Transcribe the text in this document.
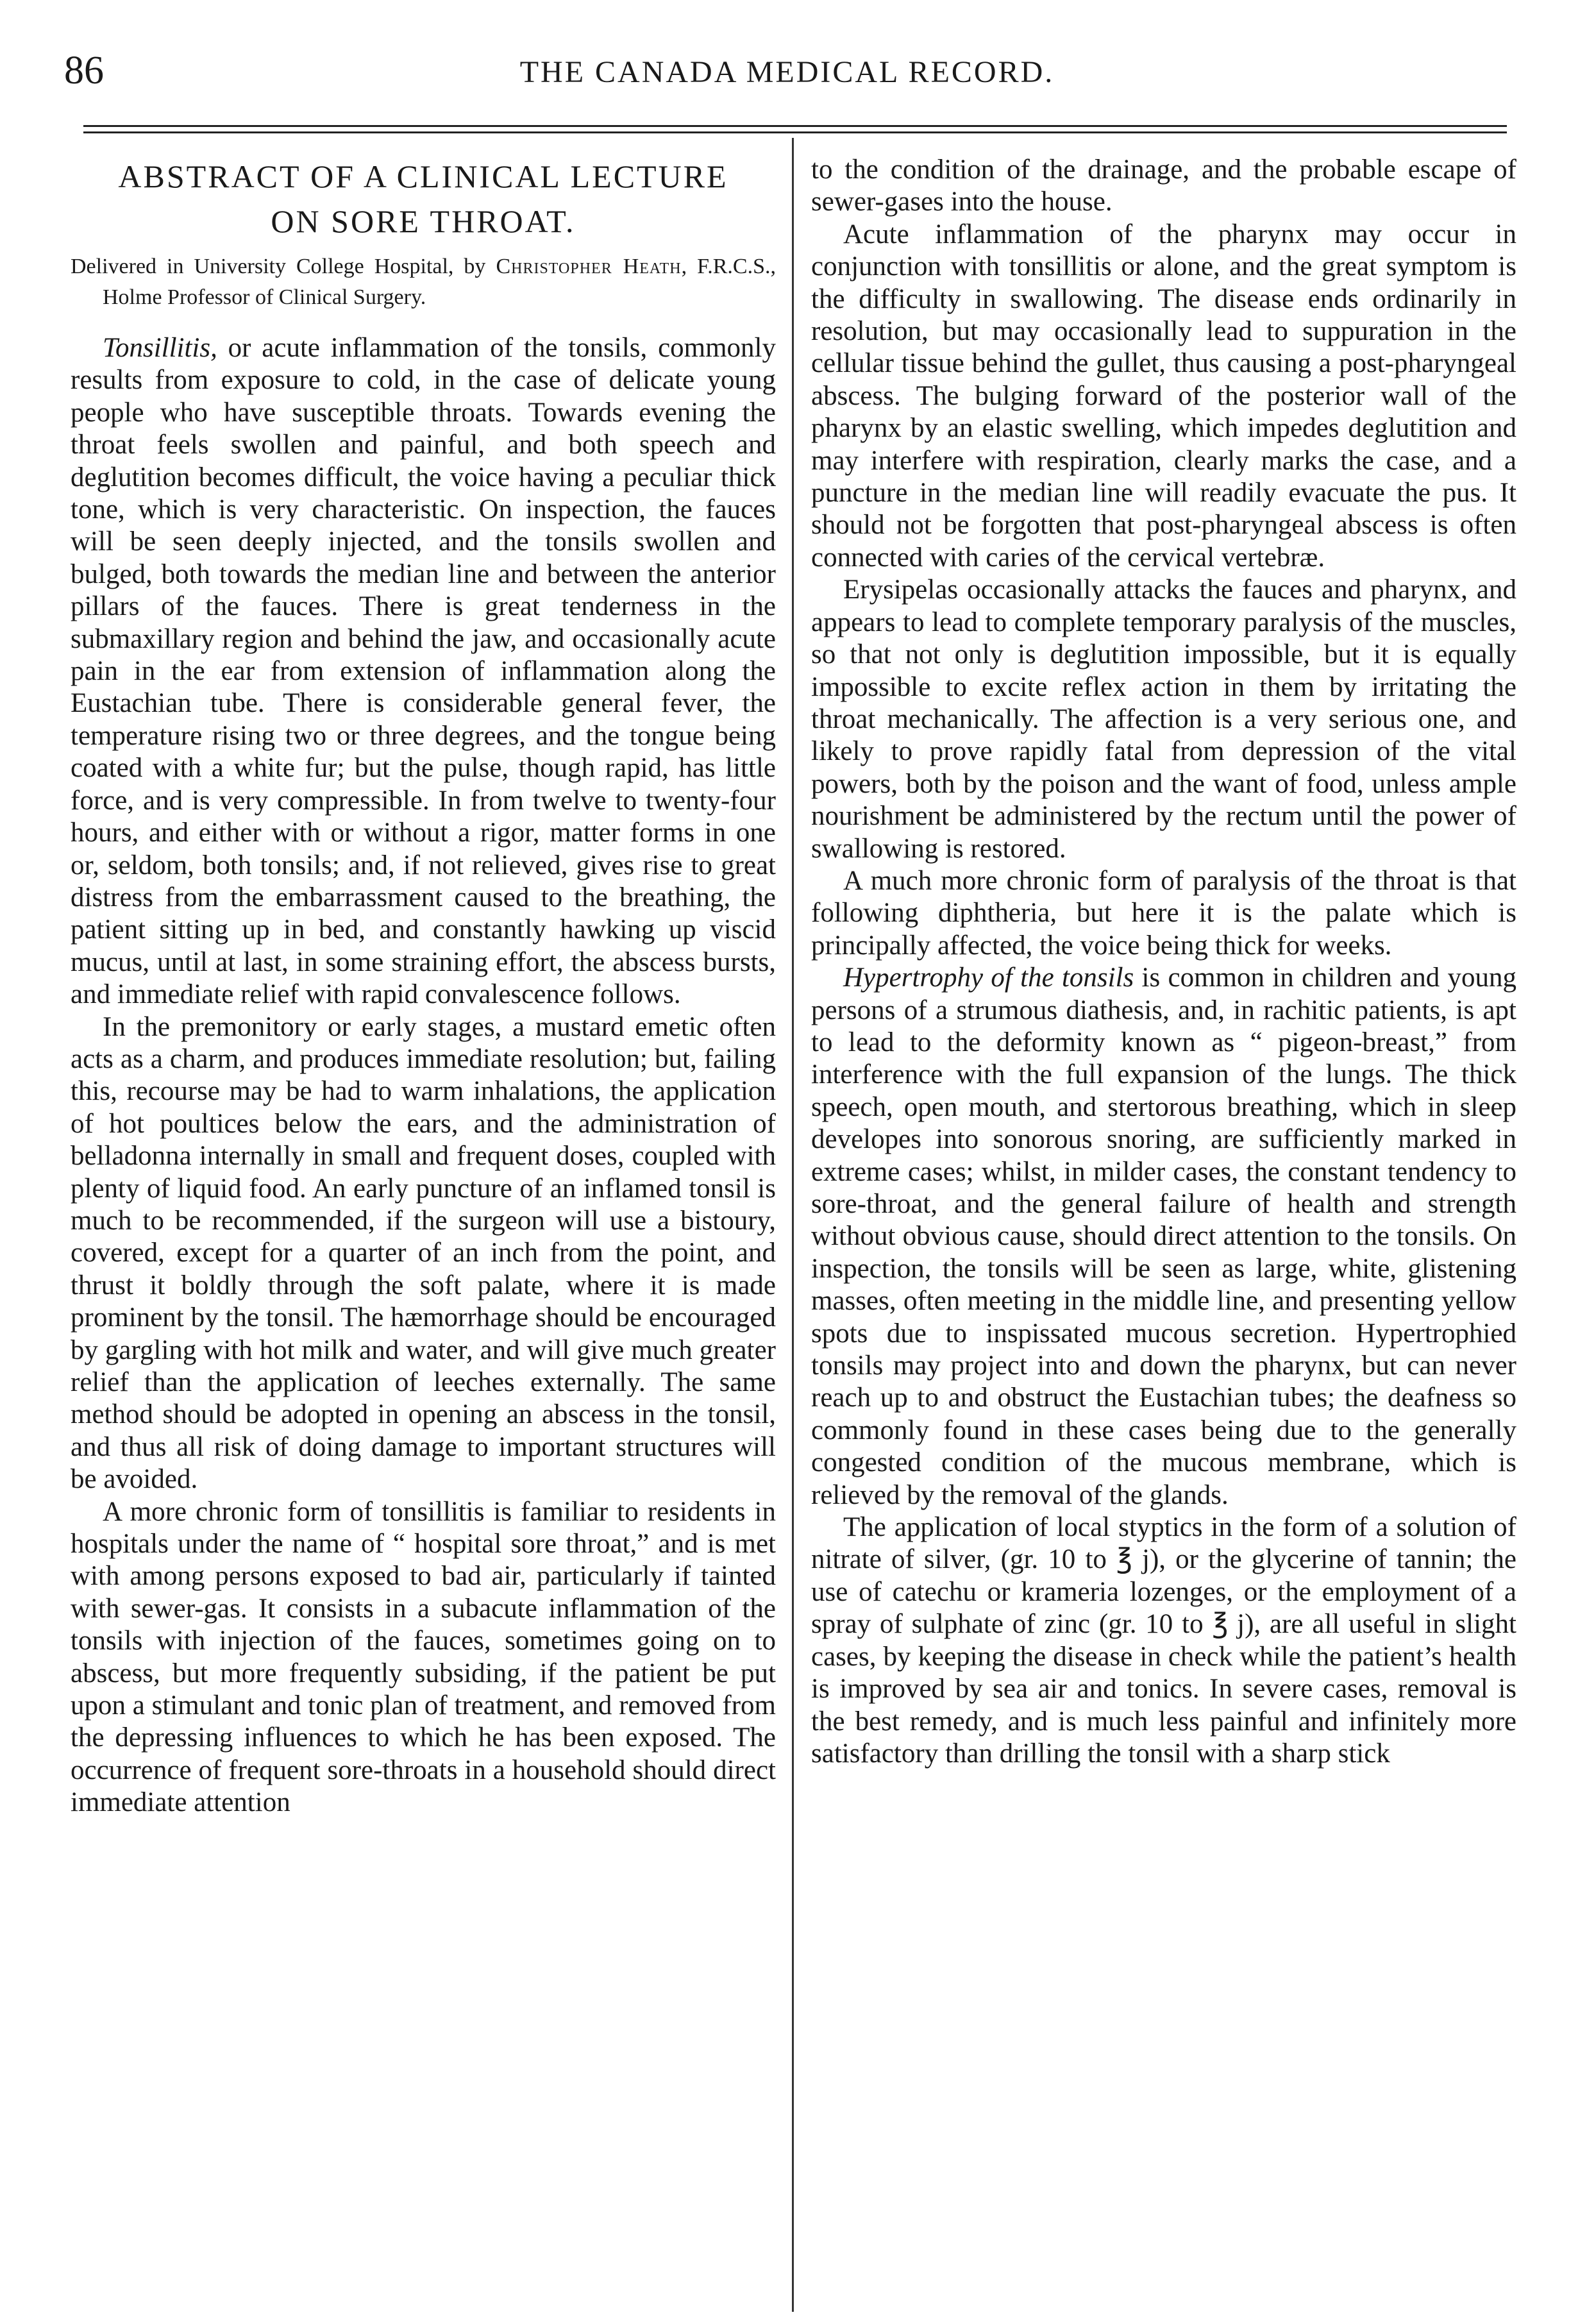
86	THE CANADA MEDICAL RECORD.
ABSTRACT OF A CLINICAL LECTURE
ON SORE THROAT.
Delivered in University College Hospital, by Christopher Heath, F.R.C.S., Holme Professor of Clinical Surgery.

Tonsillitis, or acute inflammation of the tonsils, commonly results from exposure to cold, in the case of delicate young people who have susceptible throats. Towards evening the throat feels swollen and painful, and both speech and deglutition becomes difficult, the voice having a peculiar thick tone, which is very characteristic. On inspection, the fauces will be seen deeply injected, and the tonsils swollen and bulged, both towards the median line and between the anterior pillars of the fauces. There is great tenderness in the submaxillary region and behind the jaw, and occasionally acute pain in the ear from extension of inflammation along the Eustachian tube. There is considerable general fever, the temperature rising two or three degrees, and the tongue being coated with a white fur; but the pulse, though rapid, has little force, and is very compressible. In from twelve to twenty-four hours, and either with or without a rigor, matter forms in one or, seldom, both tonsils; and, if not relieved, gives rise to great distress from the embarrassment caused to the breathing, the patient sitting up in bed, and constantly hawking up viscid mucus, until at last, in some straining effort, the abscess bursts, and immediate relief with rapid convalescence follows.

In the premonitory or early stages, a mustard emetic often acts as a charm, and produces immediate resolution; but, failing this, recourse may be had to warm inhalations, the application of hot poultices below the ears, and the administration of belladonna internally in small and frequent doses, coupled with plenty of liquid food. An early puncture of an inflamed tonsil is much to be recommended, if the surgeon will use a bistoury, covered, except for a quarter of an inch from the point, and thrust it boldly through the soft palate, where it is made prominent by the tonsil. The hæmorrhage should be encouraged by gargling with hot milk and water, and will give much greater relief than the application of leeches externally. The same method should be adopted in opening an abscess in the tonsil, and thus all risk of doing damage to important structures will be avoided.

A more chronic form of tonsillitis is familiar to residents in hospitals under the name of “ hospital sore throat,” and is met with among persons exposed to bad air, particularly if tainted with sewer-gas. It consists in a subacute inflammation of the tonsils with injection of the fauces, sometimes going on to abscess, but more frequently subsiding, if the patient be put upon a stimulant and tonic plan of treatment, and removed from the depressing influences to which he has been exposed. The occurrence of frequent sore-throats in a household should direct immediate attention

to the condition of the drainage, and the probable escape of sewer-gases into the house.

Acute inflammation of the pharynx may occur in conjunction with tonsillitis or alone, and the great symptom is the difficulty in swallowing. The disease ends ordinarily in resolution, but may occasionally lead to suppuration in the cellular tissue behind the gullet, thus causing a post-pharyngeal abscess. The bulging forward of the posterior wall of the pharynx by an elastic swelling, which impedes deglutition and may interfere with respiration, clearly marks the case, and a puncture in the median line will readily evacuate the pus. It should not be forgotten that post-pharyngeal abscess is often connected with caries of the cervical vertebræ.

Erysipelas occasionally attacks the fauces and pharynx, and appears to lead to complete temporary paralysis of the muscles, so that not only is deglutition impossible, but it is equally impossible to excite reflex action in them by irritating the throat mechanically. The affection is a very serious one, and likely to prove rapidly fatal from depression of the vital powers, both by the poison and the want of food, unless ample nourishment be administered by the rectum until the power of swallowing is restored.

A much more chronic form of paralysis of the throat is that following diphtheria, but here it is the palate which is principally affected, the voice being thick for weeks.

Hypertrophy of the tonsils is common in children and young persons of a strumous diathesis, and, in rachitic patients, is apt to lead to the deformity known as “ pigeon-breast,” from interference with the full expansion of the lungs. The thick speech, open mouth, and stertorous breathing, which in sleep developes into sonorous snoring, are sufficiently marked in extreme cases; whilst, in milder cases, the constant tendency to sore-throat, and the general failure of health and strength without obvious cause, should direct attention to the tonsils. On inspection, the tonsils will be seen as large, white, glistening masses, often meeting in the middle line, and presenting yellow spots due to inspissated mucous secretion. Hypertrophied tonsils may project into and down the pharynx, but can never reach up to and obstruct the Eustachian tubes; the deafness so commonly found in these cases being due to the generally congested condition of the mucous membrane, which is relieved by the removal of the glands.

The application of local styptics in the form of a solution of nitrate of silver, (gr. 10 to ℥ j), or the glycerine of tannin; the use of catechu or krameria lozenges, or the employment of a spray of sulphate of zinc (gr. 10 to ℥ j), are all useful in slight cases, by keeping the disease in check while the patient’s health is improved by sea air and tonics. In severe cases, removal is the best remedy, and is much less painful and infinitely more satisfactory than drilling the tonsil with a sharp stick
